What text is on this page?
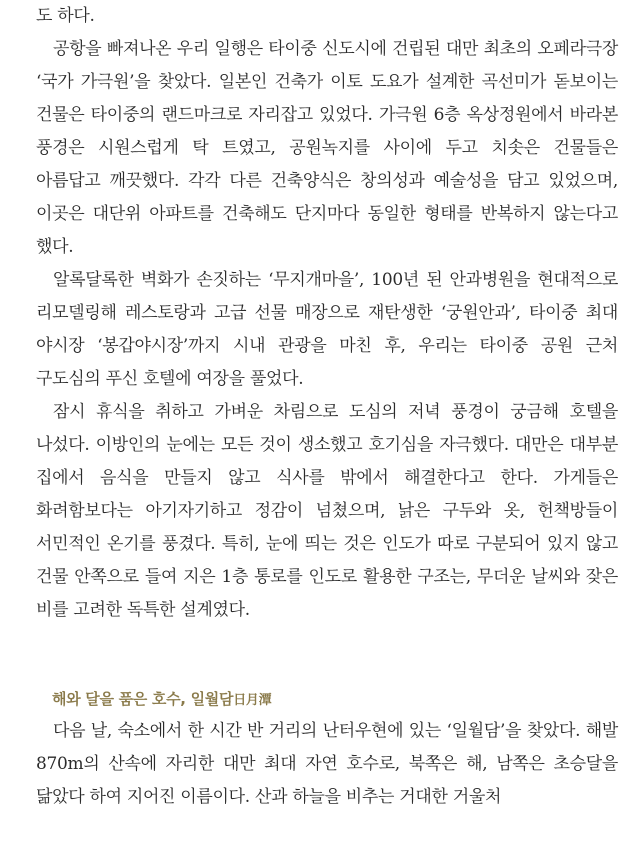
도 하다.

공항을 빠져나온 우리 일행은 타이중 신도시에 건립된 대만 최초의 오페라극장 ‘국가 가극원’을 찾았다. 일본인 건축가 이토 도요가 설계한 곡선미가 돋보이는 건물은 타이중의 랜드마크로 자리잡고 있었다. 가극원 6층 옥상정원에서 바라본 풍경은 시원스럽게 탁 트였고, 공원녹지를 사이에 두고 치솟은 건물들은 아름답고 깨끗했다. 각각 다른 건축양식은 창의성과 예술성을 담고 있었으며, 이곳은 대단위 아파트를 건축해도 단지마다 동일한 형태를 반복하지 않는다고 했다.

알록달록한 벽화가 손짓하는 ‘무지개마을’, 100년 된 안과병원을 현대적으로 리모델링해 레스토랑과 고급 선물 매장으로 재탄생한 ‘궁원안과’, 타이중 최대 야시장 ‘봉갑야시장’까지 시내 관광을 마친 후, 우리는 타이중 공원 근처 구도심의 푸신 호텔에 여장을 풀었다.

잠시 휴식을 취하고 가벼운 차림으로 도심의 저녁 풍경이 궁금해 호텔을 나섰다. 이방인의 눈에는 모든 것이 생소했고 호기심을 자극했다. 대만은 대부분 집에서 음식을 만들지 않고 식사를 밖에서 해결한다고 한다. 가게들은 화려함보다는 아기자기하고 정감이 넘쳤으며, 낡은 구두와 옷, 헌책방들이 서민적인 온기를 풍겼다. 특히, 눈에 띄는 것은 인도가 따로 구분되어 있지 않고 건물 안쪽으로 들여 지은 1층 통로를 인도로 활용한 구조는, 무더운 날씨와 잦은 비를 고려한 독특한 설계였다.

해와 달을 품은 호수, 일월담日月潭

다음 날, 숙소에서 한 시간 반 거리의 난터우현에 있는 ‘일월담’을 찾았다. 해발 870m의 산속에 자리한 대만 최대 자연 호수로, 북쪽은 해, 남쪽은 초승달을 닮았다 하여 지어진 이름이다. 산과 하늘을 비추는 거대한 거울처
